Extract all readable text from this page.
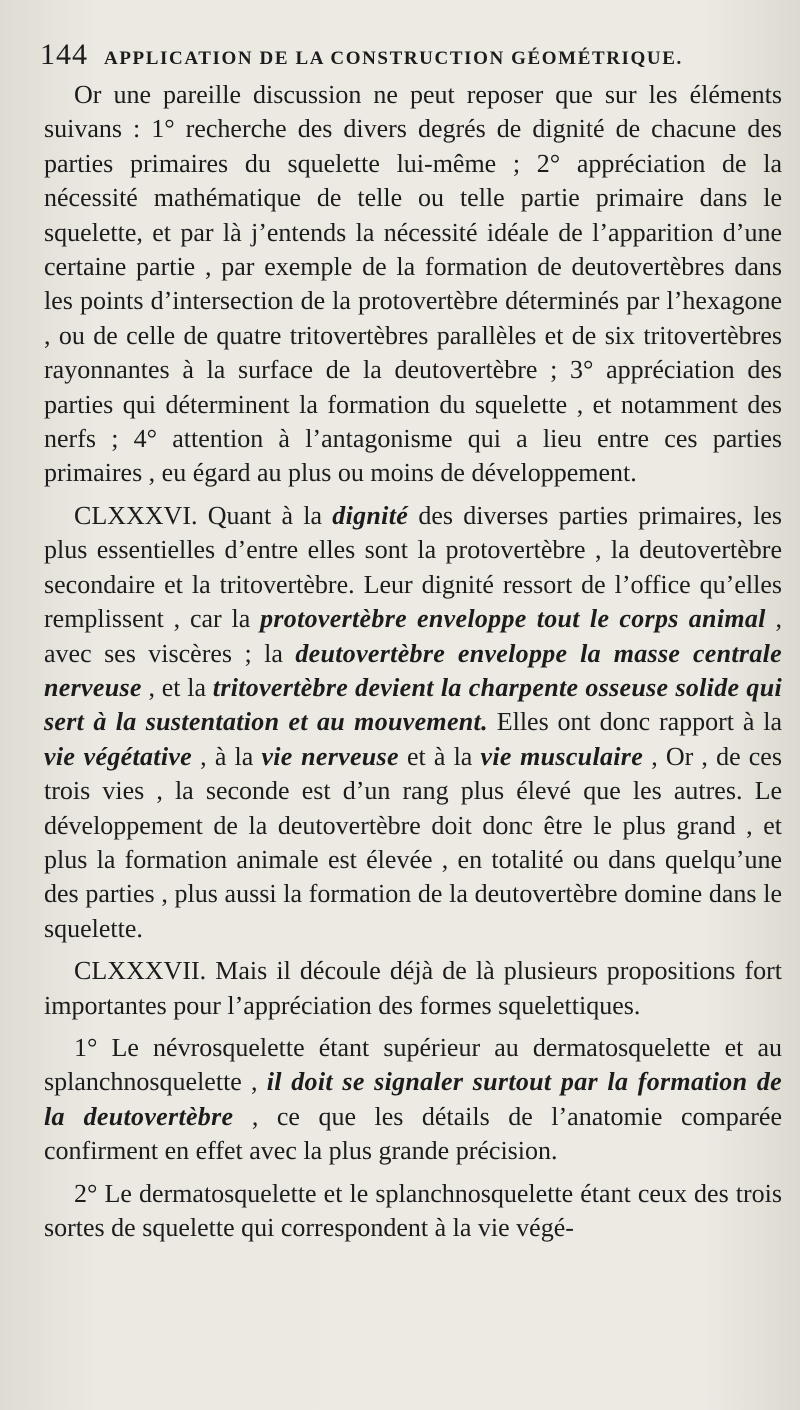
144 APPLICATION DE LA CONSTRUCTION GÉOMÉTRIQUE.

Or une pareille discussion ne peut reposer que sur les éléments suivans : 1° recherche des divers degrés de dignité de chacune des parties primaires du squelette lui-même ; 2° appréciation de la nécessité mathématique de telle ou telle partie primaire dans le squelette, et par là j’entends la nécessité idéale de l’apparition d’une certaine partie , par exemple de la formation de deutovertèbres dans les points d’intersection de la protovertèbre déterminés par l’hexagone , ou de celle de quatre tritovertèbres parallèles et de six tritovertèbres rayonnantes à la surface de la deutovertèbre ; 3° appréciation des parties qui déterminent la formation du squelette , et notamment des nerfs ; 4° attention à l’antagonisme qui a lieu entre ces parties primaires , eu égard au plus ou moins de développement.

CLXXXVI. Quant à la dignité des diverses parties primaires, les plus essentielles d’entre elles sont la protovertèbre , la deutovertèbre secondaire et la tritovertèbre. Leur dignité ressort de l’office qu’elles remplissent , car la protovertèbre enveloppe tout le corps animal , avec ses viscères ; la deutovertèbre enveloppe la masse centrale nerveuse , et la tritovertèbre devient la charpente osseuse solide qui sert à la sustentation et au mouvement. Elles ont donc rapport à la vie végétative , à la vie nerveuse et à la vie musculaire , Or , de ces trois vies , la seconde est d’un rang plus élevé que les autres. Le développement de la deutovertèbre doit donc être le plus grand , et plus la formation animale est élevée , en totalité ou dans quelqu’une des parties , plus aussi la formation de la deutovertèbre domine dans le squelette.

CLXXXVII. Mais il découle déjà de là plusieurs propositions fort importantes pour l’appréciation des formes squelettiques.

1° Le névrosquelette étant supérieur au dermatosquelette et au splanchnosquelette , il doit se signaler surtout par la formation de la deutovertèbre , ce que les détails de l’anatomie comparée confirment en effet avec la plus grande précision.

2° Le dermatosquelette et le splanchnosquelette étant ceux des trois sortes de squelette qui correspondent à la vie végé-
